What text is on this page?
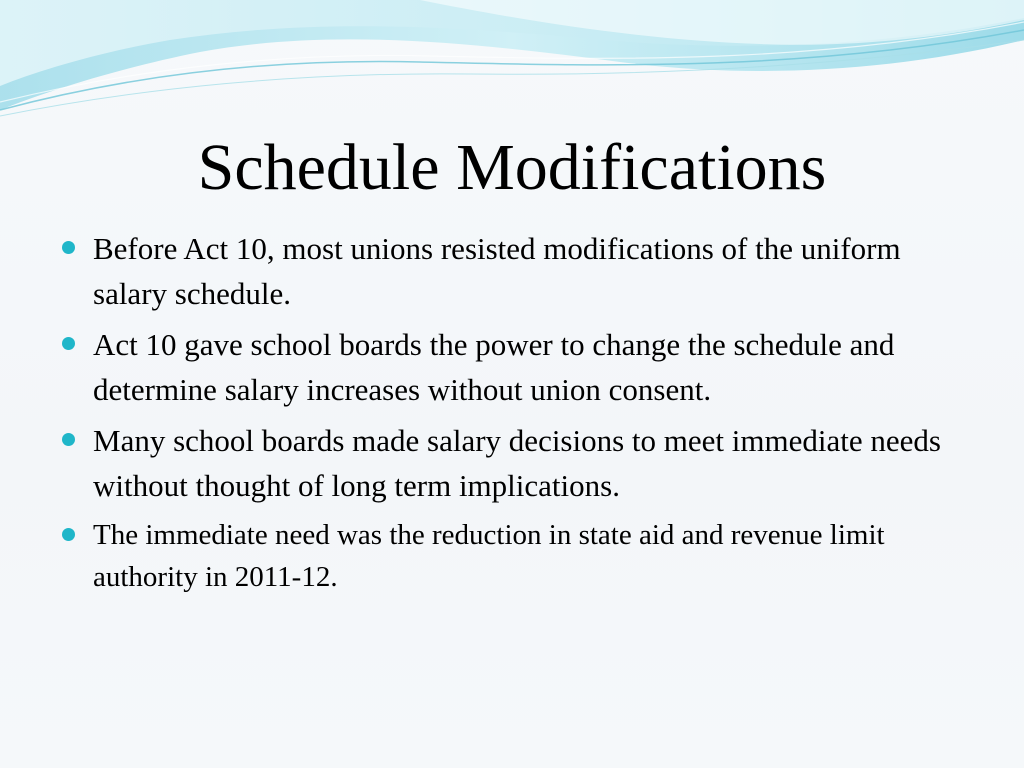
Schedule Modifications
Before Act 10, most unions resisted modifications of the uniform salary schedule.
Act 10 gave school boards the power to change the schedule and determine salary increases without union consent.
Many school boards made salary decisions to meet immediate needs without thought of long term implications.
The immediate need was the reduction in state aid and revenue limit authority in 2011-12.
